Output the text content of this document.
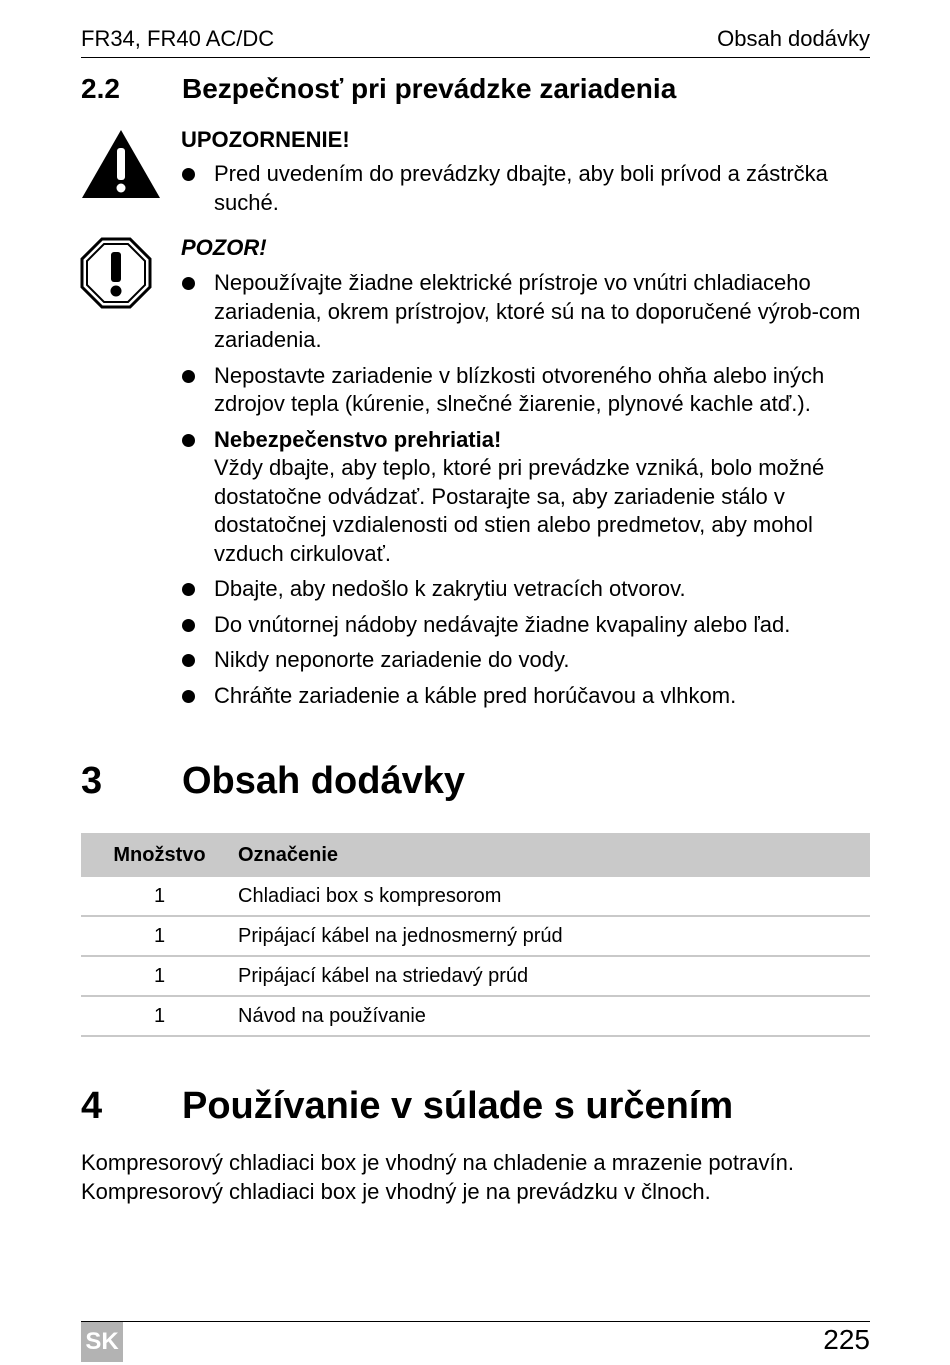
FR34, FR40 AC/DC	Obsah dodávky
2.2 Bezpečnosť pri prevádzke zariadenia
UPOZORNENIE!
Pred uvedením do prevádzky dbajte, aby boli prívod a zástrčka suché.
POZOR!
Nepoužívajte žiadne elektrické prístroje vo vnútri chladiaceho zariadenia, okrem prístrojov, ktoré sú na to doporučené výrob-com zariadenia.
Nepostavte zariadenie v blízkosti otvoreného ohňa alebo iných zdrojov tepla (kúrenie, slnečné žiarenie, plynové kachle atď.).
Nebezpečenstvo prehriatia!
Vždy dbajte, aby teplo, ktoré pri prevádzke vzniká, bolo možné dostatočne odvádzať. Postarajte sa, aby zariadenie stálo v dostatočnej vzdialenosti od stien alebo predmetov, aby mohol vzduch cirkulovať.
Dbajte, aby nedošlo k zakrytiu vetracích otvorov.
Do vnútornej nádoby nedávajte žiadne kvapaliny alebo ľad.
Nikdy neponorte zariadenie do vody.
Chráňte zariadenie a káble pred horúčavou a vlhkom.
3 Obsah dodávky
Množstvo	Označenie
1	Chladiaci box s kompresorom
1	Pripájací kábel na jednosmerný prúd
1	Pripájací kábel na striedavý prúd
1	Návod na používanie
4 Používanie v súlade s určením
Kompresorový chladiaci box je vhodný na chladenie a mrazenie potravín.
Kompresorový chladiaci box je vhodný je na prevádzku v člnoch.
SK	225
